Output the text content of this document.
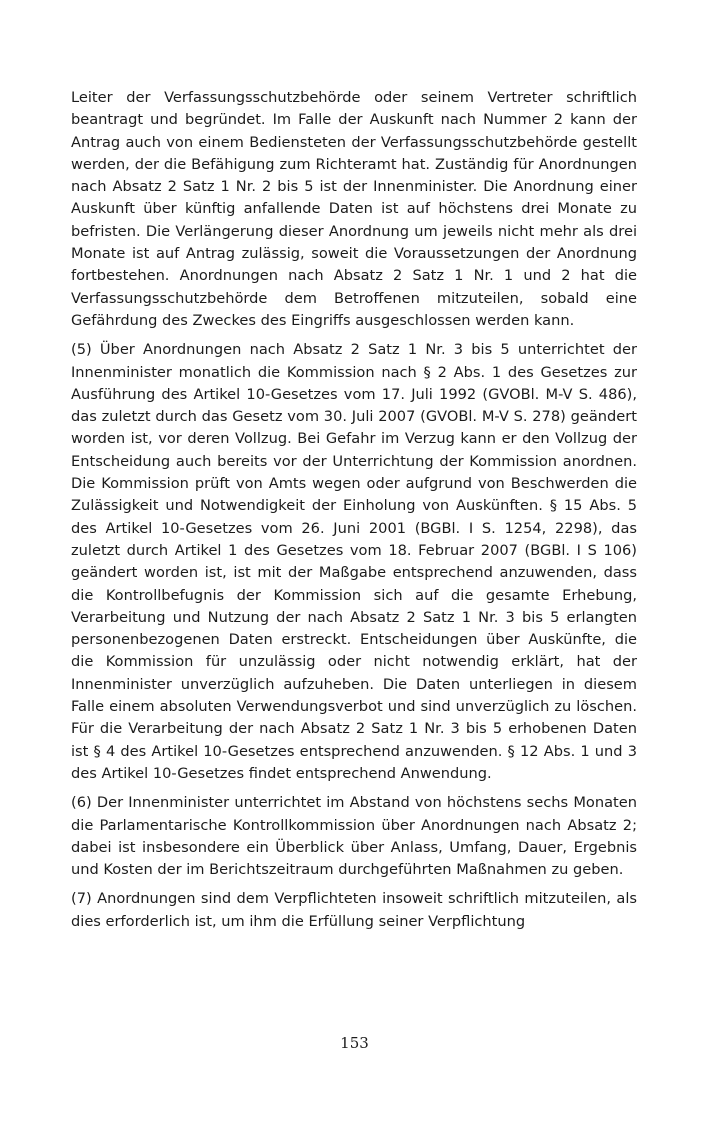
Leiter der Verfassungsschutzbehörde oder seinem Vertreter schriftlich beantragt und begründet. Im Falle der Auskunft nach Nummer 2 kann der Antrag auch von einem Bediensteten der Verfassungsschutzbehörde gestellt werden, der die Befähigung zum Richteramt hat. Zuständig für Anordnungen nach Absatz 2 Satz 1 Nr. 2 bis 5 ist der Innenminister. Die Anordnung einer Auskunft über künftig anfallende Daten ist auf höchstens drei Monate zu befristen. Die Verlängerung dieser Anordnung um jeweils nicht mehr als drei Monate ist auf Antrag zulässig, soweit die Voraussetzungen der Anordnung fortbestehen. Anordnungen nach Absatz 2 Satz 1 Nr. 1 und 2 hat die Verfassungsschutzbehörde dem Betroffenen mitzuteilen, sobald eine Gefährdung des Zweckes des Eingriffs ausgeschlossen werden kann.

(5) Über Anordnungen nach Absatz 2 Satz 1 Nr. 3 bis 5 unterrichtet der Innenminister monatlich die Kommission nach § 2 Abs. 1 des Gesetzes zur Ausführung des Artikel 10-Gesetzes vom 17. Juli 1992 (GVOBl. M-V S. 486), das zuletzt durch das Gesetz vom 30. Juli 2007 (GVOBl. M-V S. 278) geändert worden ist, vor deren Vollzug. Bei Gefahr im Verzug kann er den Vollzug der Entscheidung auch bereits vor der Unterrichtung der Kommission anordnen. Die Kommission prüft von Amts wegen oder aufgrund von Beschwerden die Zulässigkeit und Notwendigkeit der Einholung von Auskünften. § 15 Abs. 5 des Artikel 10-Gesetzes vom 26. Juni 2001 (BGBl. I S. 1254, 2298), das zuletzt durch Artikel 1 des Gesetzes vom 18. Februar 2007 (BGBl. I S 106) geändert worden ist, ist mit der Maßgabe entsprechend anzuwenden, dass die Kontrollbefugnis der Kommission sich auf die gesamte Erhebung, Verarbeitung und Nutzung der nach Absatz 2 Satz 1 Nr. 3 bis 5 erlangten personenbezogenen Daten erstreckt. Entscheidungen über Auskünfte, die die Kommission für unzulässig oder nicht notwendig erklärt, hat der Innenminister unverzüglich aufzuheben. Die Daten unterliegen in diesem Falle einem absoluten Verwendungsverbot und sind unverzüglich zu löschen. Für die Verarbeitung der nach Absatz 2 Satz 1 Nr. 3 bis 5 erhobenen Daten ist § 4 des Artikel 10-Gesetzes entsprechend anzuwenden. § 12 Abs. 1 und 3 des Artikel 10-Gesetzes findet entsprechend Anwendung.

(6) Der Innenminister unterrichtet im Abstand von höchstens sechs Monaten die Parlamentarische Kontrollkommission über Anordnungen nach Absatz 2; dabei ist insbesondere ein Überblick über Anlass, Umfang, Dauer, Ergebnis und Kosten der im Berichtszeitraum durchgeführten Maßnahmen zu geben.

(7) Anordnungen sind dem Verpflichteten insoweit schriftlich mitzuteilen, als dies erforderlich ist, um ihm die Erfüllung seiner Verpflichtung

153
